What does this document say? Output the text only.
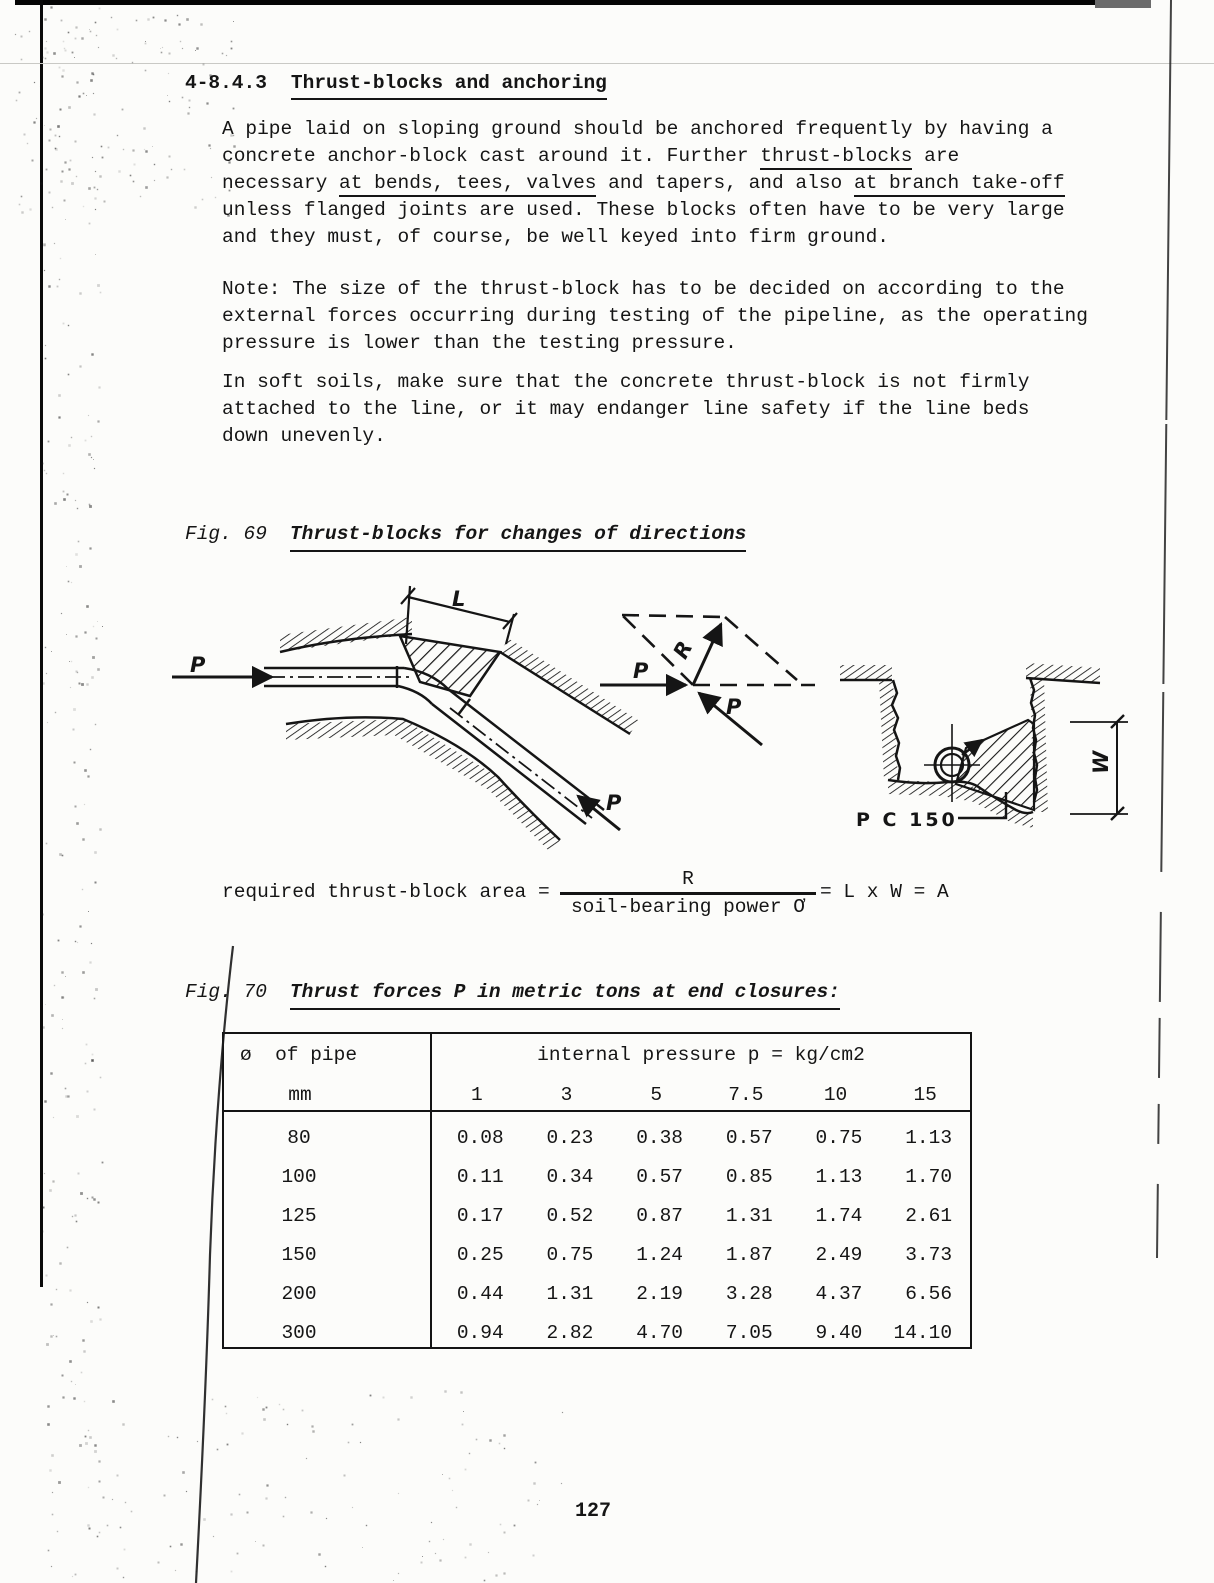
4-8.4.3 Thrust-blocks and anchoring
A pipe laid on sloping ground should be anchored frequently by having a
concrete anchor-block cast around it. Further thrust-blocks are
necessary at bends, tees, valves and tapers, and also at branch take-off
unless flanged joints are used. These blocks often have to be very large
and they must, of course, be well keyed into firm ground.
Note: The size of the thrust-block has to be decided on according to the
external forces occurring during testing of the pipeline, as the operating
pressure is lower than the testing pressure.
In soft soils, make sure that the concrete thrust-block is not firmly
attached to the line, or it may endanger line safety if the line beds
down unevenly.
Fig. 69 Thrust-blocks for changes of directions
P
L
P
P
P
R
P C 150
W
required thrust-block area =
R
soil-bearing power Ơ
= L x W = A
Fig. 70 Thrust forces P in metric tons at end closures:
ø  of pipe
mm
internal pressure p = kg/cm2
1	3	5	7.5	10	15
80	0.08	0.23	0.38	0.57	0.75	1.13
100	0.11	0.34	0.57	0.85	1.13	1.70
125	0.17	0.52	0.87	1.31	1.74	2.61
150	0.25	0.75	1.24	1.87	2.49	3.73
200	0.44	1.31	2.19	3.28	4.37	6.56
300	0.94	2.82	4.70	7.05	9.40	14.10
127
